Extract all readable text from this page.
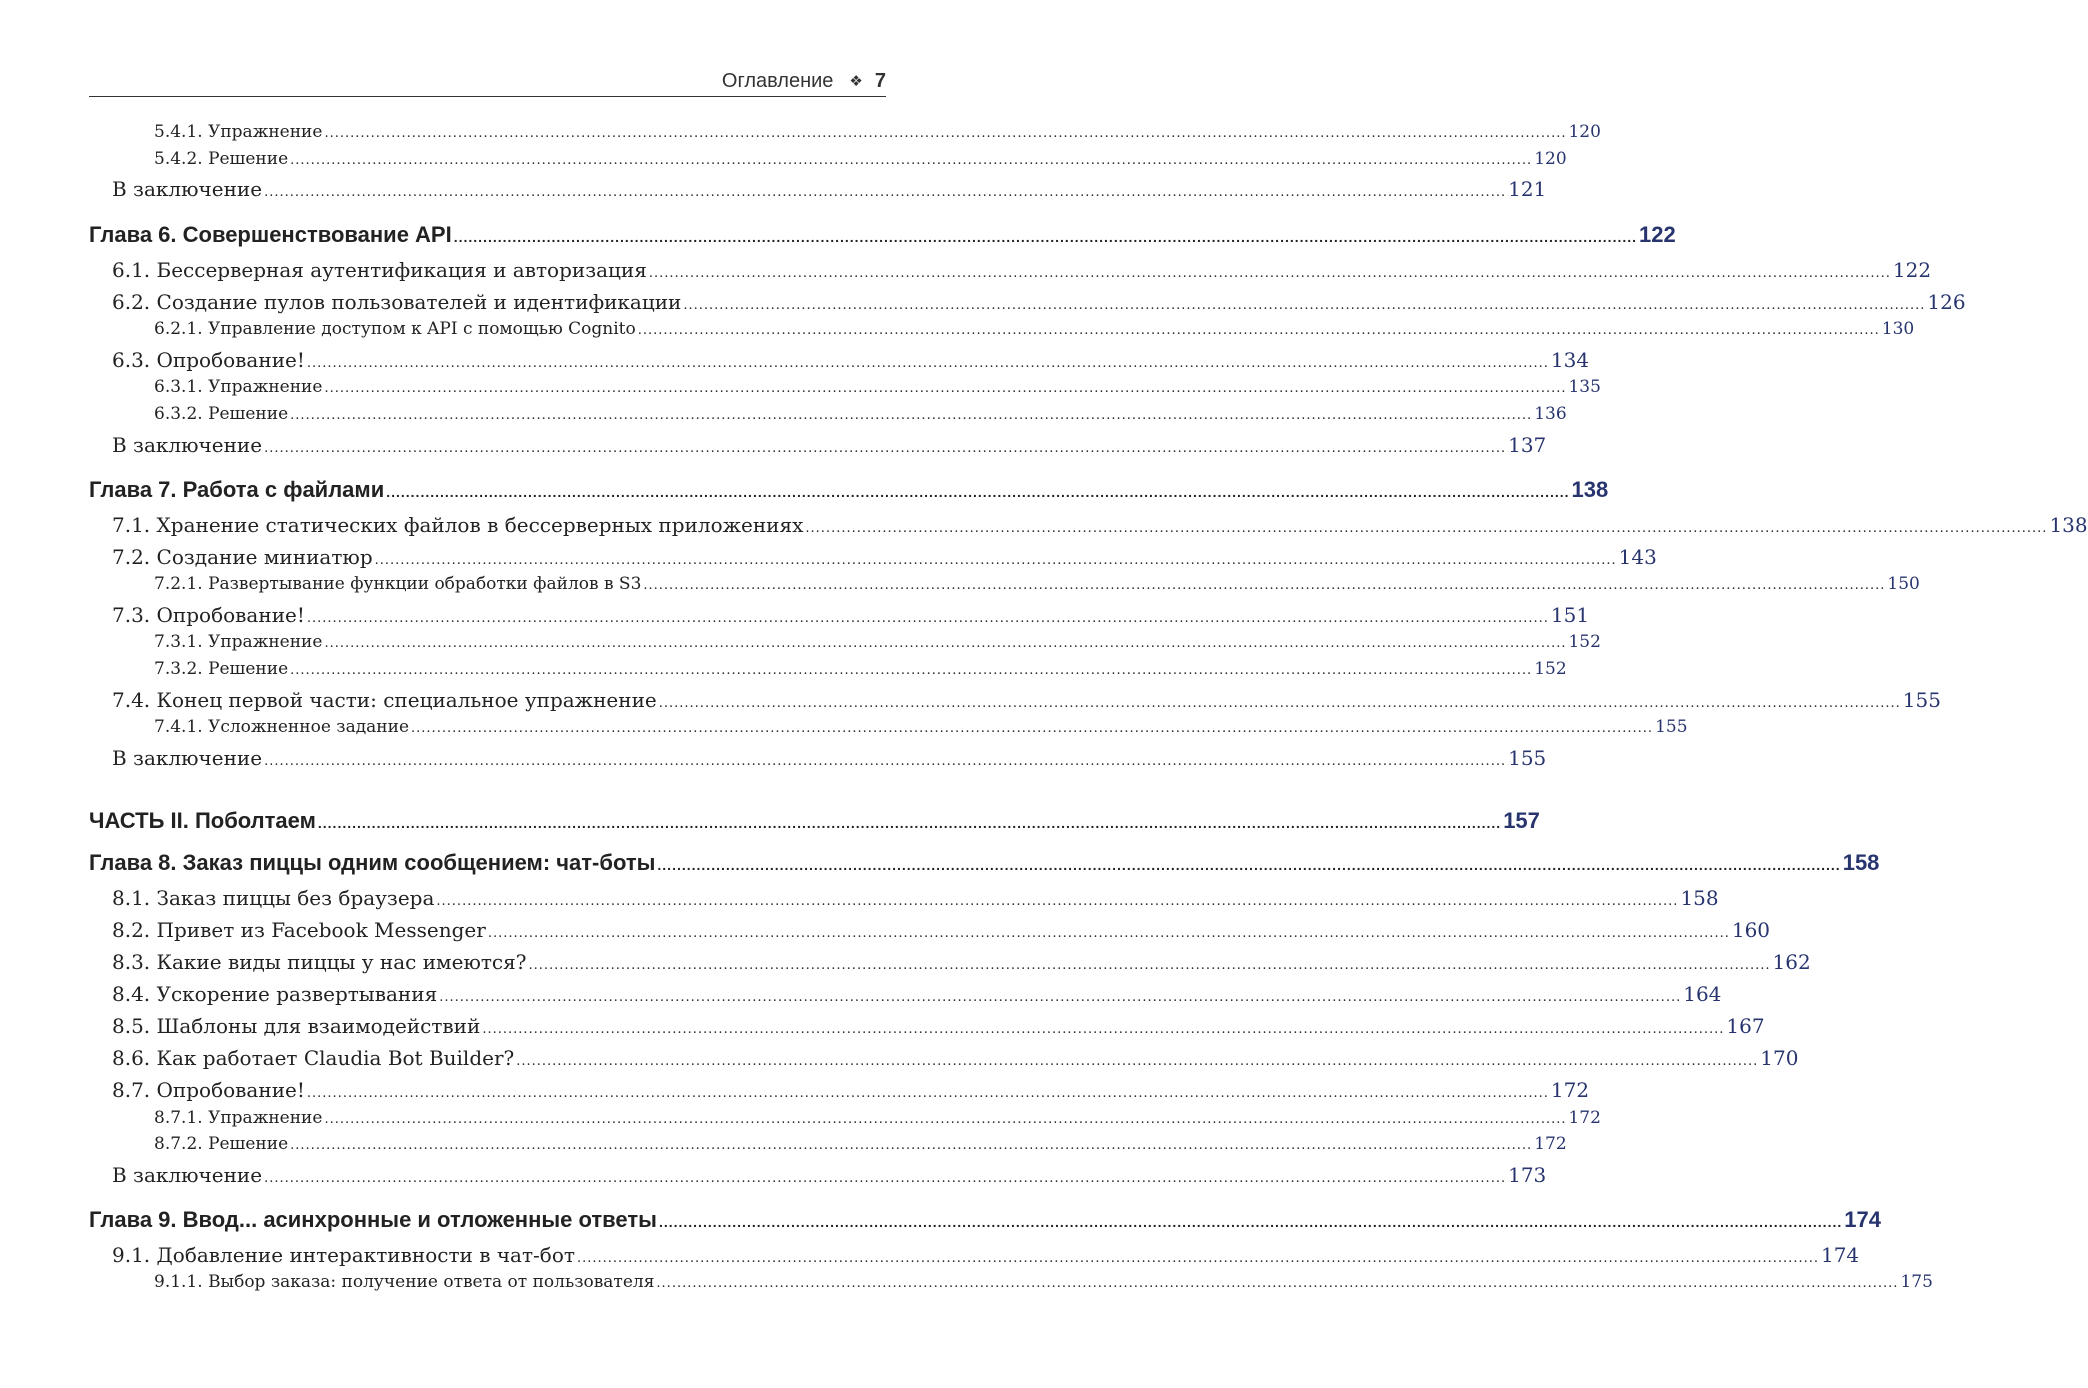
Оглавление ❖ 7
5.4.1. Упражнение .................................................................................................................................................................................................................................................. 120
5.4.2. Решение .................................................................................................................................................................................................................................................. 120
В заключение .................................................................................................................................................................................................................................................. 121
Глава 6. Совершенствование API .................................................................................................................................................................................................................................................. 122
6.1. Бессерверная аутентификация и авторизация .................................................................................................................................................................................................................................................. 122
6.2. Создание пулов пользователей и идентификации .................................................................................................................................................................................................................................................. 126
6.2.1. Управление доступом к API с помощью Cognito .................................................................................................................................................................................................................................................. 130
6.3. Опробование! .................................................................................................................................................................................................................................................. 134
6.3.1. Упражнение .................................................................................................................................................................................................................................................. 135
6.3.2. Решение .................................................................................................................................................................................................................................................. 136
В заключение .................................................................................................................................................................................................................................................. 137
Глава 7. Работа с файлами .................................................................................................................................................................................................................................................. 138
7.1. Хранение статических файлов в бессерверных приложениях .................................................................................................................................................................................................................................................. 138
7.2. Создание миниатюр .................................................................................................................................................................................................................................................. 143
7.2.1. Развертывание функции обработки файлов в S3 .................................................................................................................................................................................................................................................. 150
7.3. Опробование! .................................................................................................................................................................................................................................................. 151
7.3.1. Упражнение .................................................................................................................................................................................................................................................. 152
7.3.2. Решение .................................................................................................................................................................................................................................................. 152
7.4. Конец первой части: специальное упражнение .................................................................................................................................................................................................................................................. 155
7.4.1. Усложненное задание .................................................................................................................................................................................................................................................. 155
В заключение .................................................................................................................................................................................................................................................. 155
ЧАСТЬ II. Поболтаем .................................................................................................................................................................................................................................................. 157
Глава 8. Заказ пиццы одним сообщением: чат-боты .................................................................................................................................................................................................................................................. 158
8.1. Заказ пиццы без браузера .................................................................................................................................................................................................................................................. 158
8.2. Привет из Facebook Messenger .................................................................................................................................................................................................................................................. 160
8.3. Какие виды пиццы у нас имеются? .................................................................................................................................................................................................................................................. 162
8.4. Ускорение развертывания .................................................................................................................................................................................................................................................. 164
8.5. Шаблоны для взаимодействий .................................................................................................................................................................................................................................................. 167
8.6. Как работает Claudia Bot Builder? .................................................................................................................................................................................................................................................. 170
8.7. Опробование! .................................................................................................................................................................................................................................................. 172
8.7.1. Упражнение .................................................................................................................................................................................................................................................. 172
8.7.2. Решение .................................................................................................................................................................................................................................................. 172
В заключение .................................................................................................................................................................................................................................................. 173
Глава 9. Ввод... асинхронные и отложенные ответы .................................................................................................................................................................................................................................................. 174
9.1. Добавление интерактивности в чат-бот .................................................................................................................................................................................................................................................. 174
9.1.1. Выбор заказа: получение ответа от пользователя .................................................................................................................................................................................................................................................. 175
